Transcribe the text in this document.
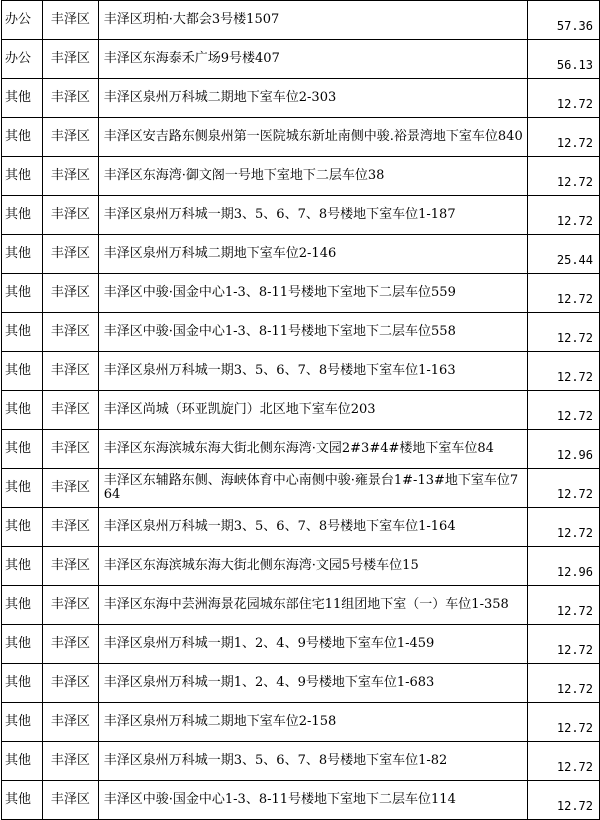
办公	丰泽区	丰泽区玥柏·大都会3号楼1507	57.36
办公	丰泽区	丰泽区东海泰禾广场9号楼407	56.13
其他	丰泽区	丰泽区泉州万科城二期地下室车位2-303	12.72
其他	丰泽区	丰泽区安吉路东侧泉州第一医院城东新址南侧中骏.裕景湾地下室车位840	12.72
其他	丰泽区	丰泽区东海湾·御文阁一号地下室地下二层车位38	12.72
其他	丰泽区	丰泽区泉州万科城一期3、5、6、7、8号楼地下室车位1-187	12.72
其他	丰泽区	丰泽区泉州万科城二期地下室车位2-146	25.44
其他	丰泽区	丰泽区中骏·国金中心1-3、8-11号楼地下室地下二层车位559	12.72
其他	丰泽区	丰泽区中骏·国金中心1-3、8-11号楼地下室地下二层车位558	12.72
其他	丰泽区	丰泽区泉州万科城一期3、5、6、7、8号楼地下室车位1-163	12.72
其他	丰泽区	丰泽区尚城（环亚凯旋门）北区地下室车位203	12.72
其他	丰泽区	丰泽区东海滨城东海大街北侧东海湾·文园2#3#4#楼地下室车位84	12.96
其他	丰泽区	丰泽区东辅路东侧、海峡体育中心南侧中骏·雍景台1#-13#地下室车位764	12.72
其他	丰泽区	丰泽区泉州万科城一期3、5、6、7、8号楼地下室车位1-164	12.72
其他	丰泽区	丰泽区东海滨城东海大街北侧东海湾·文园5号楼车位15	12.96
其他	丰泽区	丰泽区东海中芸洲海景花园城东部住宅11组团地下室（一）车位1-358	12.72
其他	丰泽区	丰泽区泉州万科城一期1、2、4、9号楼地下室车位1-459	12.72
其他	丰泽区	丰泽区泉州万科城一期1、2、4、9号楼地下室车位1-683	12.72
其他	丰泽区	丰泽区泉州万科城二期地下室车位2-158	12.72
其他	丰泽区	丰泽区泉州万科城一期3、5、6、7、8号楼地下室车位1-82	12.72
其他	丰泽区	丰泽区中骏·国金中心1-3、8-11号楼地下室地下二层车位114	12.72
